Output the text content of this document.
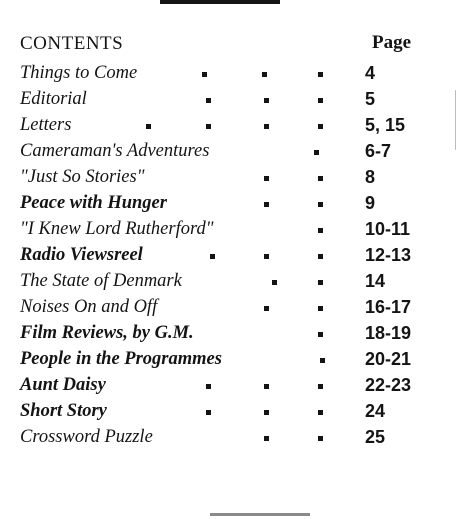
CONTENTS	Page
Things to Come	4
Editorial	5
Letters	5, 15
Cameraman's Adventures	6-7
"Just So Stories"	8
Peace with Hunger	9
"I Knew Lord Rutherford"	10-11
Radio Viewsreel	12-13
The State of Denmark	14
Noises On and Off	16-17
Film Reviews, by G.M.	18-19
People in the Programmes	20-21
Aunt Daisy	22-23
Short Story	24
Crossword Puzzle	25
